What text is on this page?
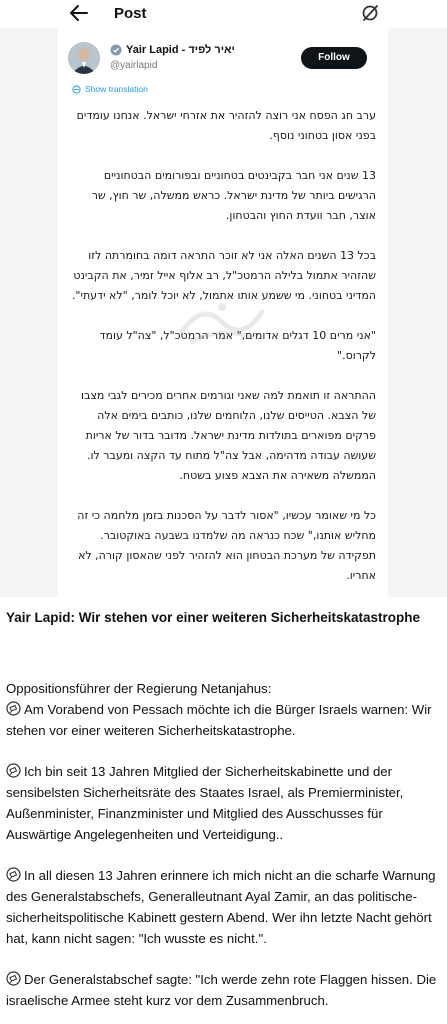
Post
Yair Lapid - יאיר לפיד
@yairlapid
Follow
Show translation

ערב חג הפסח אני רוצה להזהיר את אזרחי ישראל. אנחנו עומדים בפני אסון בטחוני נוסף.

13 שנים אני חבר בקבינטים בטחוניים ובפורומים הבטחוניים הרגישים ביותר של מדינת ישראל. כראש ממשלה, שר חוץ, שר אוצר, חבר וועדת החוץ והבטחון.

בכל 13 השנים האלה אני לא זוכר התראה דומה בחומרתה לזו שהזהיר אתמול בלילה הרמטכ"ל, רב אלוף אייל זמיר, את הקבינט המדיני בטחוני. מי ששמע אותו אתמול, לא יוכל לומר, "לא ידעתי".

"אני מרים 10 דגלים אדומים," אמר הרמטכ"ל, "צה"ל עומד לקרוס."

ההתראה זו תואמת למה שאני וגורמים אחרים מכירים לגבי מצבו של הצבא. הטייסים שלנו, הלוחמים שלנו, כותבים בימים אלה פרקים מפוארים בתולדות מדינת ישראל. מדובר בדור של אריות שעושה עבודה מדהימה, אבל צה"ל מתוח עד הקצה ומעבר לו. הממשלה משאירה את הצבא פצוע בשטח.

כל מי שאומר עכשיו, "אסור לדבר על הסכנות בזמן מלחמה כי זה מחליש אותנו," שכח כנראה מה שלמדנו בשבעה באוקטובר. תפקידה של מערכת הבטחון הוא להזהיר לפני שהאסון קורה, לא אחריו.

Yair Lapid: Wir stehen vor einer weiteren Sicherheitskatastrophe
Oppositionsführer der Regierung Netanjahus:

Am Vorabend von Pessach möchte ich die Bürger Israels warnen: Wir stehen vor einer weiteren Sicherheitskatastrophe.

Ich bin seit 13 Jahren Mitglied der Sicherheitskabinette und der sensibelsten Sicherheitsräte des Staates Israel, als Premierminister, Außenminister, Finanzminister und Mitglied des Ausschusses für Auswärtige Angelegenheiten und Verteidigung..

In all diesen 13 Jahren erinnere ich mich nicht an die scharfe Warnung des Generalstabschefs, Generalleutnant Ayal Zamir, an das politische-sicherheitspolitische Kabinett gestern Abend. Wer ihn letzte Nacht gehört hat, kann nicht sagen: "Ich wusste es nicht.".

Der Generalstabschef sagte: "Ich werde zehn rote Flaggen hissen. Die israelische Armee steht kurz vor dem Zusammenbruch.
